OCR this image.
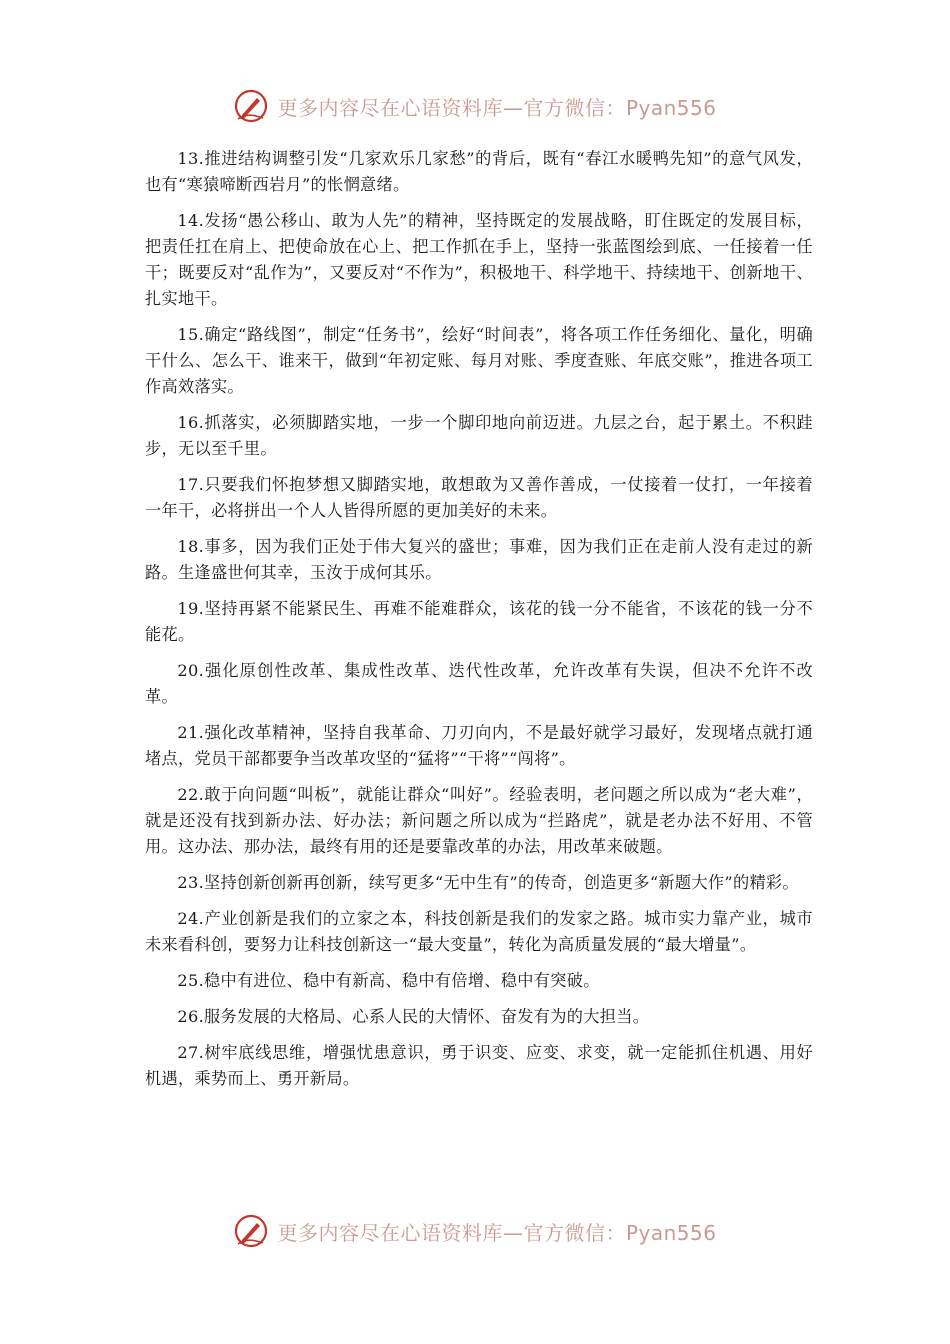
更多内容尽在心语资料库—官方微信：Pyan556

13.推进结构调整引发“几家欢乐几家愁”的背后，既有“春江水暖鸭先知”的意气风发，也有“寒猿啼断西岩月”的怅惘意绪。

14.发扬“愚公移山、敢为人先”的精神，坚持既定的发展战略，盯住既定的发展目标，把责任扛在肩上、把使命放在心上、把工作抓在手上，坚持一张蓝图绘到底、一任接着一任干；既要反对“乱作为”，又要反对“不作为”，积极地干、科学地干、持续地干、创新地干、扎实地干。

15.确定“路线图”，制定“任务书”，绘好“时间表”，将各项工作任务细化、量化，明确干什么、怎么干、谁来干，做到“年初定账、每月对账、季度查账、年底交账”，推进各项工作高效落实。

16.抓落实，必须脚踏实地，一步一个脚印地向前迈进。九层之台，起于累土。不积跬步，无以至千里。

17.只要我们怀抱梦想又脚踏实地，敢想敢为又善作善成，一仗接着一仗打，一年接着一年干，必将拼出一个人人皆得所愿的更加美好的未来。

18.事多，因为我们正处于伟大复兴的盛世；事难，因为我们正在走前人没有走过的新路。生逢盛世何其幸，玉汝于成何其乐。

19.坚持再紧不能紧民生、再难不能难群众，该花的钱一分不能省，不该花的钱一分不能花。

20.强化原创性改革、集成性改革、迭代性改革，允许改革有失误，但决不允许不改革。

21.强化改革精神，坚持自我革命、刀刃向内，不是最好就学习最好，发现堵点就打通堵点，党员干部都要争当改革攻坚的“猛将”“干将”“闯将”。

22.敢于向问题“叫板”，就能让群众“叫好”。经验表明，老问题之所以成为“老大难”，就是还没有找到新办法、好办法；新问题之所以成为“拦路虎”，就是老办法不好用、不管用。这办法、那办法，最终有用的还是要靠改革的办法，用改革来破题。

23.坚持创新创新再创新，续写更多“无中生有”的传奇，创造更多“新题大作”的精彩。

24.产业创新是我们的立家之本，科技创新是我们的发家之路。城市实力靠产业，城市未来看科创，要努力让科技创新这一“最大变量”，转化为高质量发展的“最大增量”。

25.稳中有进位、稳中有新高、稳中有倍增、稳中有突破。

26.服务发展的大格局、心系人民的大情怀、奋发有为的大担当。

27.树牢底线思维，增强忧患意识，勇于识变、应变、求变，就一定能抓住机遇、用好机遇，乘势而上、勇开新局。

更多内容尽在心语资料库—官方微信：Pyan556
